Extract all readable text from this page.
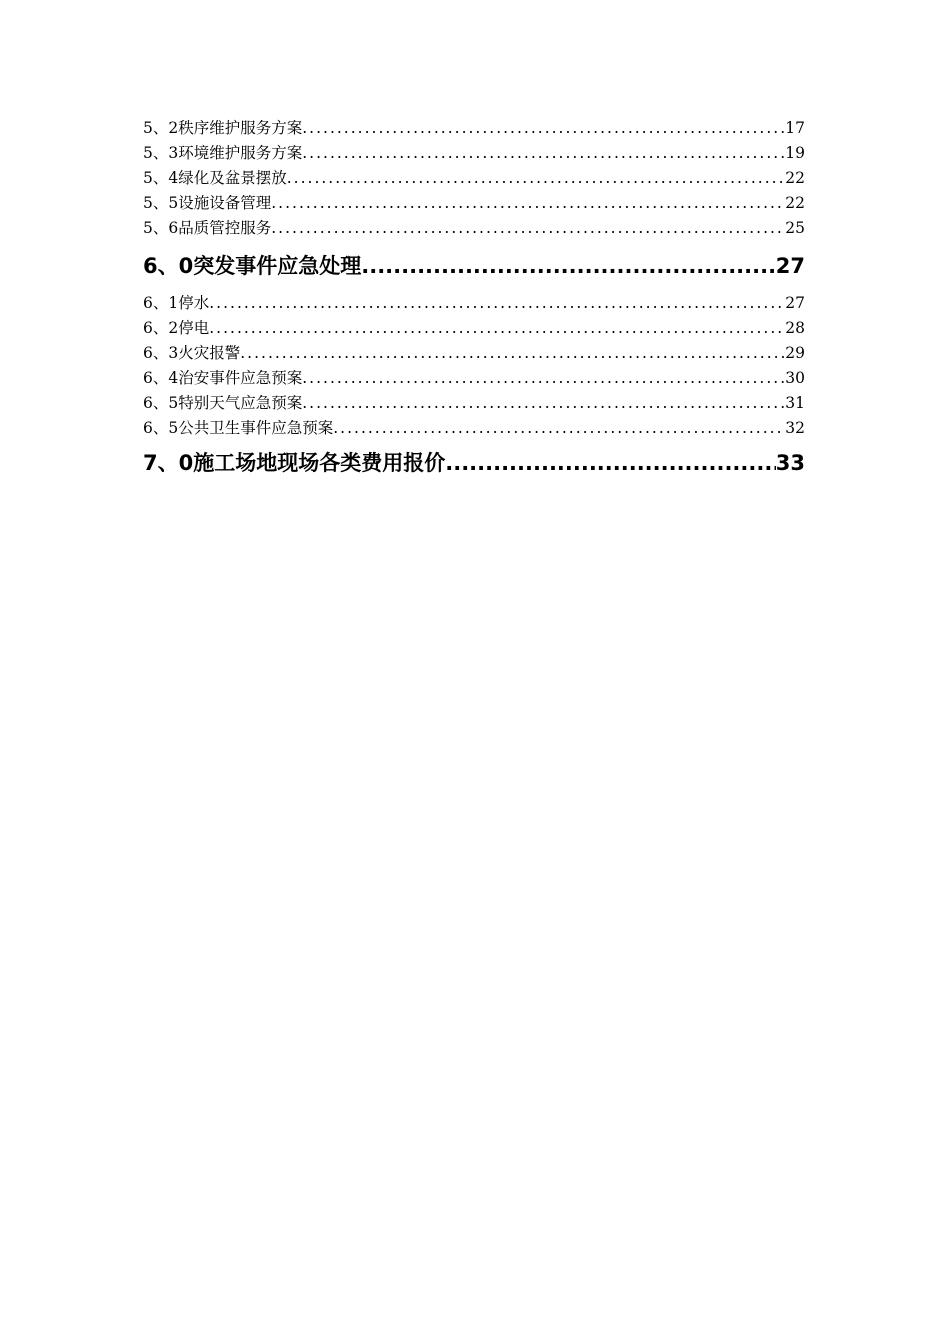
5、2 秩序维护服务方案 .....	17
5、3 环境维护服务方案 .....	19
5、4 绿化及盆景摆放 .....	22
5、5 设施设备管理 .....	22
5、6 品质管控服务 .....	25
6、0 突发事件应急处理 .....	27
6、1 停水 .....	27
6、2 停电 .....	28
6、3 火灾报警 .....	29
6、4 治安事件应急预案 .....	30
6、5 特别天气应急预案 .....	31
6、5 公共卫生事件应急预案 .....	32
7、0 施工场地现场各类费用报价 .....	33
